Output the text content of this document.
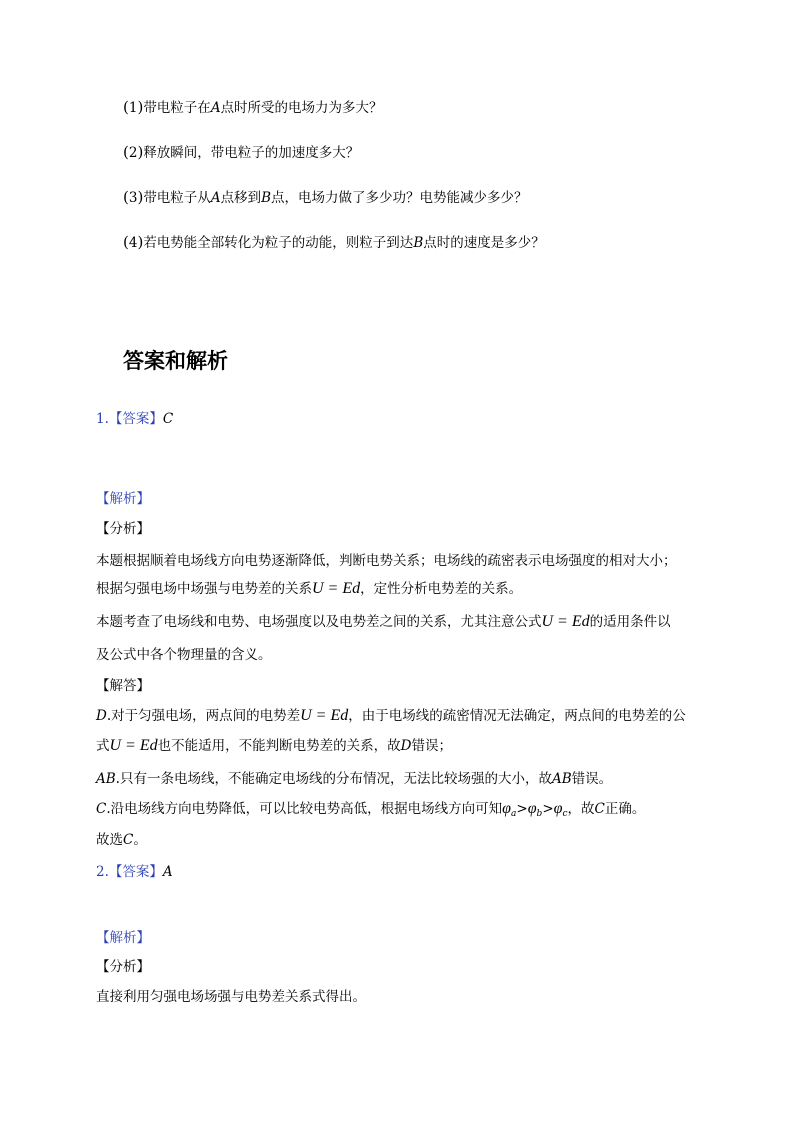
(1)带电粒子在A点时所受的电场力为多大？
(2)释放瞬间，带电粒子的加速度多大？
(3)带电粒子从A点移到B点，电场力做了多少功？电势能减少多少？
(4)若电势能全部转化为粒子的动能，则粒子到达B点时的速度是多少？
答案和解析
1.【答案】C
【解析】
【分析】
本题根据顺着电场线方向电势逐渐降低，判断电势关系；电场线的疏密表示电场强度的相对大小；
根据匀强电场中场强与电势差的关系U = Ed，定性分析电势差的关系。
本题考查了电场线和电势、电场强度以及电势差之间的关系，尤其注意公式U = Ed的适用条件以
及公式中各个物理量的含义。
【解答】
D.对于匀强电场，两点间的电势差U = Ed，由于电场线的疏密情况无法确定，两点间的电势差的公
式U = Ed也不能适用，不能判断电势差的关系，故D错误；
AB.只有一条电场线，不能确定电场线的分布情况，无法比较场强的大小，故AB错误。
C.沿电场线方向电势降低，可以比较电势高低，根据电场线方向可知$\varphi_a>\varphi_b>\varphi_c$，故C正确。
故选C。
2.【答案】A
【解析】
【分析】
直接利用匀强电场场强与电势差关系式得出。
